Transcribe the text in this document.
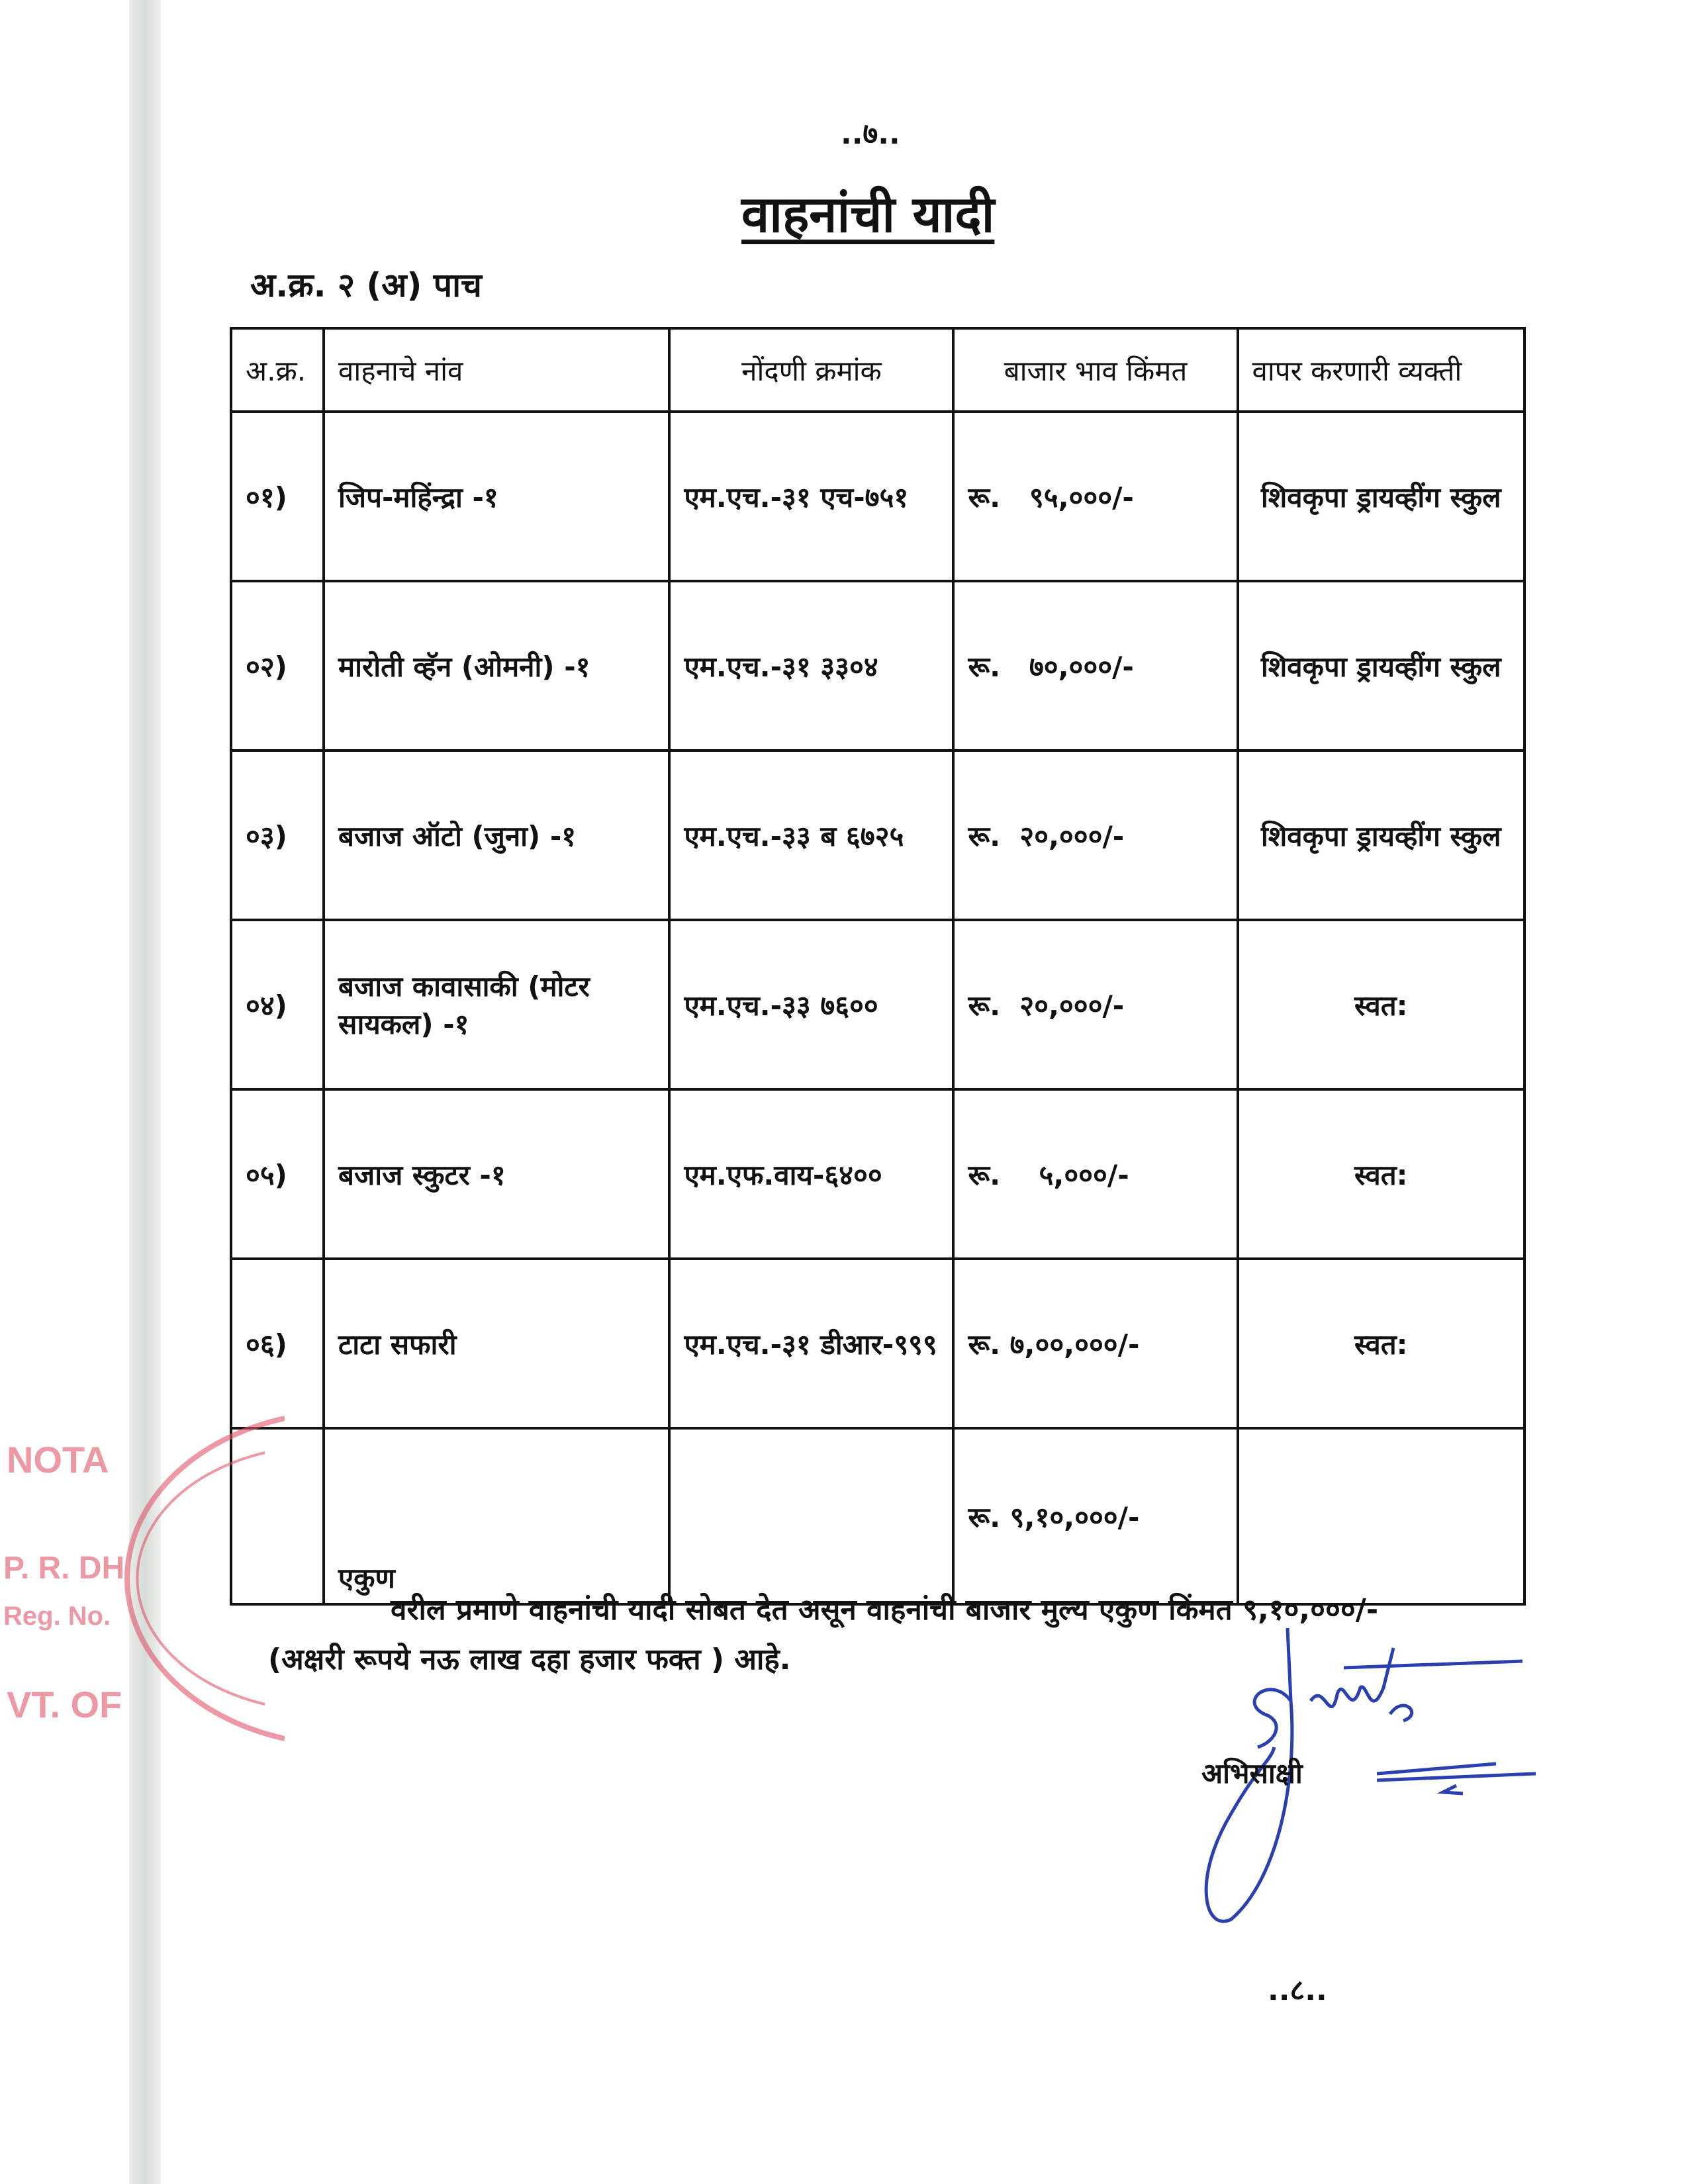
..७..
वाहनांची यादी
अ.क्र. २ (अ) पाच
अ.क्र.	वाहनाचे नांव	नोंदणी क्रमांक	बाजार भाव किंमत	वापर करणारी व्यक्ती
०१)	जिप-महिंन्द्रा -१	एम.एच.-३१ एच-७५१	रू.   ९५,०००/-	शिवकृपा ड्रायव्हींग स्कुल
०२)	मारोती व्हॅन (ओमनी) -१	एम.एच.-३१ ३३०४	रू.   ७०,०००/-	शिवकृपा ड्रायव्हींग स्कुल
०३)	बजाज ऑटो (जुना) -१	एम.एच.-३३ ब ६७२५	रू.  २०,०००/-	शिवकृपा ड्रायव्हींग स्कुल
०४)	बजाज कावासाकी (मोटर सायकल) -१	एम.एच.-३३ ७६००	रू.  २०,०००/-	स्वत:
०५)	बजाज स्कुटर -१	एम.एफ.वाय-६४००	रू.    ५,०००/-	स्वत:
०६)	टाटा सफारी	एम.एच.-३१ डीआर-९९९	रू. ७,००,०००/-	स्वत:
	एकुण		रू. ९,१०,०००/-	
वरील प्रमाणे वाहनांची यादी सोबत देत असून वाहनांची बाजार मुल्य एकुण किंमत ९,१०,०००/-
(अक्षरी रूपये नऊ लाख दहा हजार फक्त ) आहे.
NOTA
P. R. DH
Reg. No.
VT. OF
अभिसाक्षी
..८..
